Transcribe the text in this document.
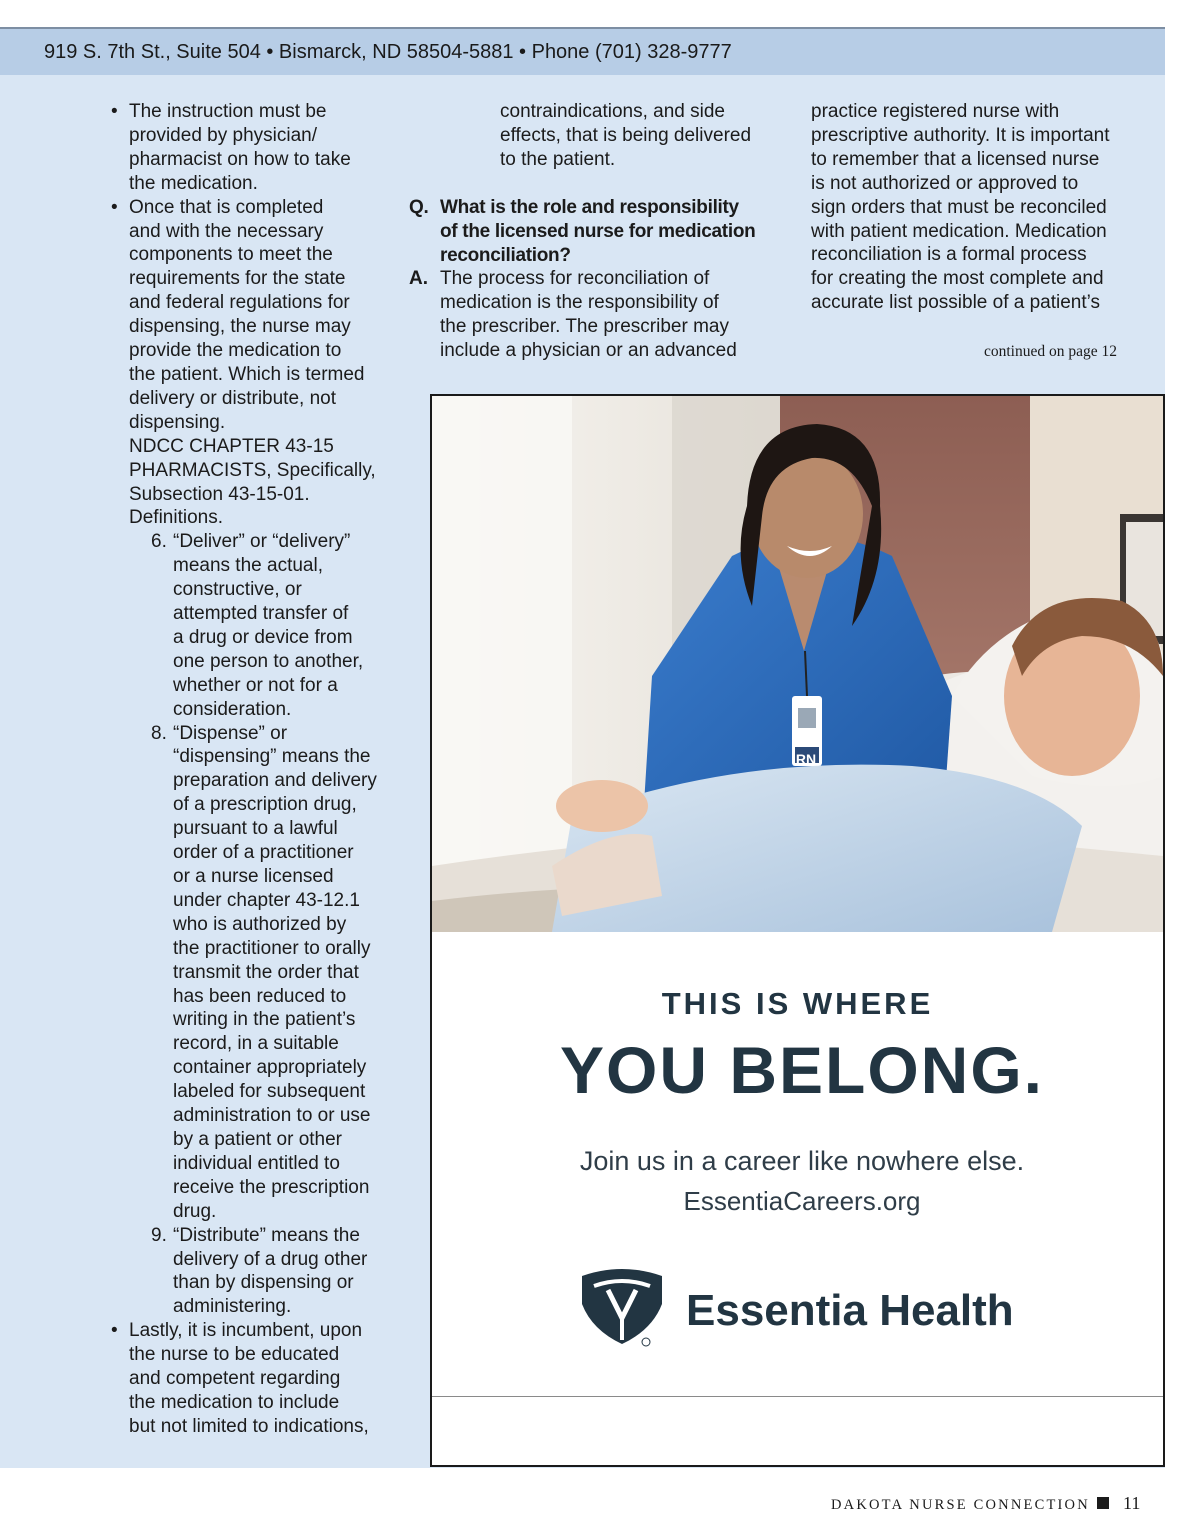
919 S. 7th St., Suite 504 • Bismarck, ND 58504-5881 • Phone (701) 328-9777
• The instruction must be
provided by physician/
pharmacist on how to take
the medication.
• Once that is completed
and with the necessary
components to meet the
requirements for the state
and federal regulations for
dispensing, the nurse may
provide the medication to
the patient. Which is termed
delivery or distribute, not
dispensing.
NDCC CHAPTER 43-15
PHARMACISTS, Specifically,
Subsection 43-15-01.
Definitions.
6. “Deliver” or “delivery”
means the actual,
constructive, or
attempted transfer of
a drug or device from
one person to another,
whether or not for a
consideration.
8. “Dispense” or
“dispensing” means the
preparation and delivery
of a prescription drug,
pursuant to a lawful
order of a practitioner
or a nurse licensed
under chapter 43-12.1
who is authorized by
the practitioner to orally
transmit the order that
has been reduced to
writing in the patient’s
record, in a suitable
container appropriately
labeled for subsequent
administration to or use
by a patient or other
individual entitled to
receive the prescription
drug.
9. “Distribute” means the
delivery of a drug other
than by dispensing or
administering.
• Lastly, it is incumbent, upon
the nurse to be educated
and competent regarding
the medication to include
but not limited to indications,
contraindications, and side
effects, that is being delivered
to the patient.
Q. What is the role and responsibility
of the licensed nurse for medication
reconciliation?
A. The process for reconciliation of
medication is the responsibility of
the prescriber. The prescriber may
include a physician or an advanced
practice registered nurse with
prescriptive authority. It is important
to remember that a licensed nurse
is not authorized or approved to
sign orders that must be reconciled
with patient medication. Medication
reconciliation is a formal process
for creating the most complete and
accurate list possible of a patient’s
continued on page 12
RN
THIS IS WHERE
YOU BELONG.
Join us in a career like nowhere else.
EssentiaCareers.org
Essentia Health
DAKOTA NURSE CONNECTION 11
